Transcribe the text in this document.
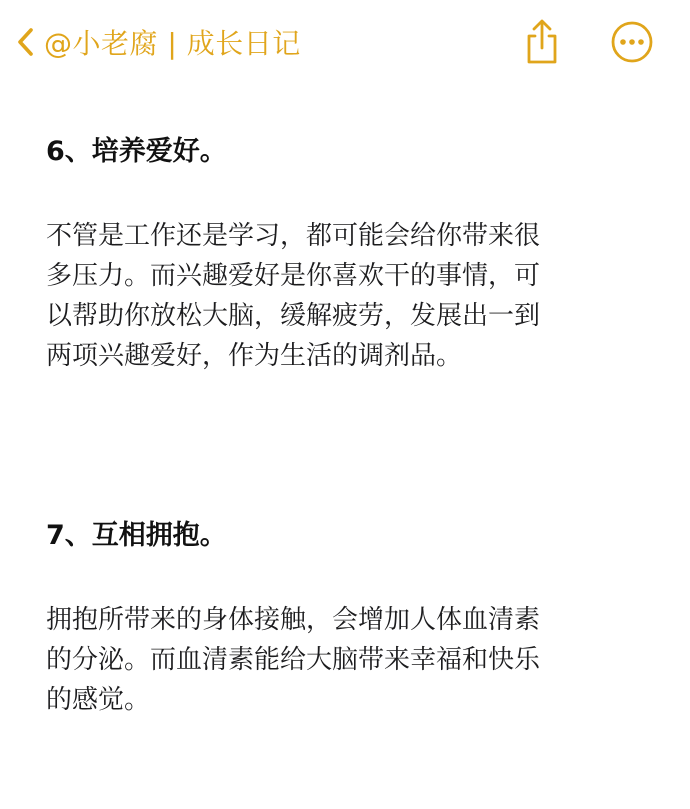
@小老腐 | 成长日记
6、培养爱好。

不管是工作还是学习，都可能会给你带来很
多压力。而兴趣爱好是你喜欢干的事情，可
以帮助你放松大脑，缓解疲劳，发展出一到
两项兴趣爱好，作为生活的调剂品。

7、互相拥抱。

拥抱所带来的身体接触，会增加人体血清素
的分泌。而血清素能给大脑带来幸福和快乐
的感觉。
